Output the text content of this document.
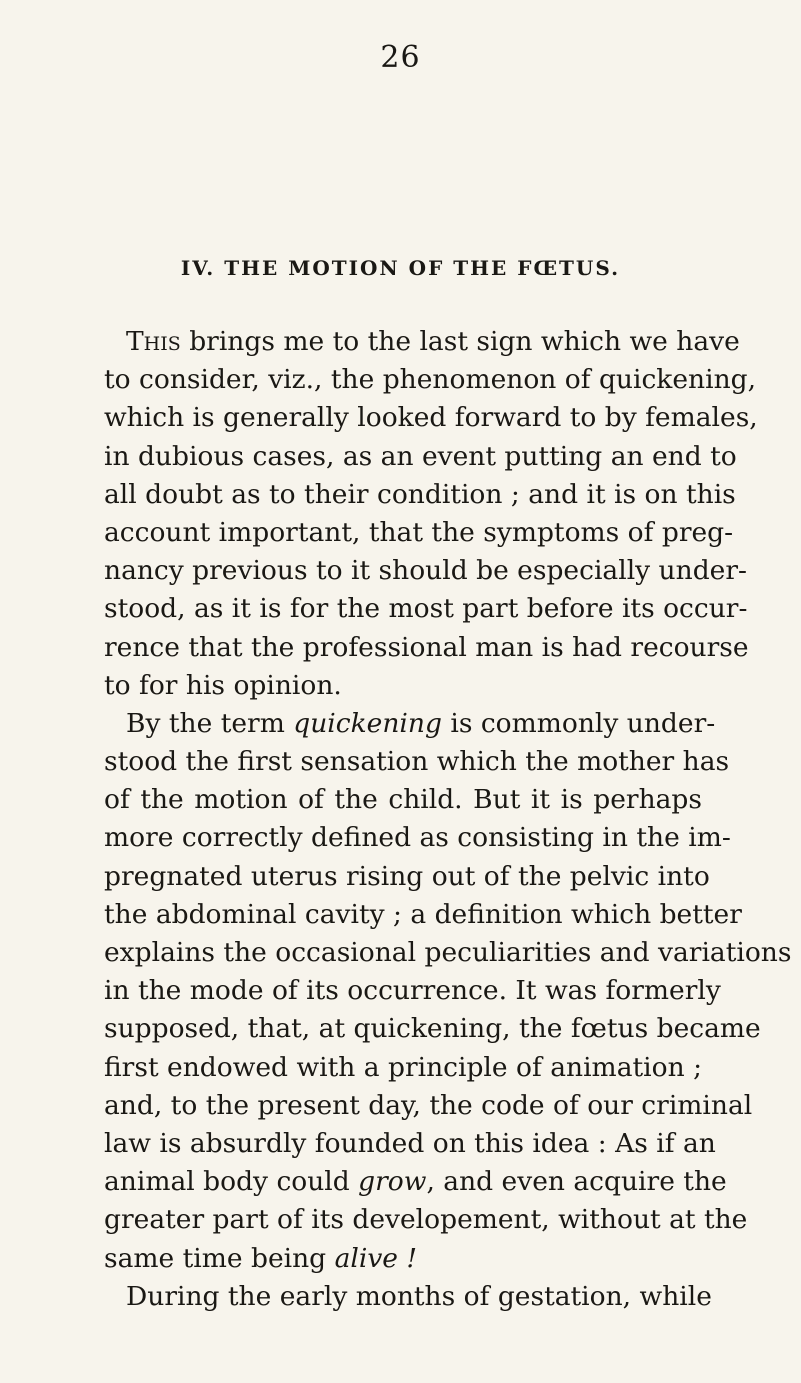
26
IV. THE MOTION OF THE FŒTUS.
This brings me to the last sign which we have
to consider, viz., the phenomenon of quickening,
which is generally looked forward to by females,
in dubious cases, as an event putting an end to
all doubt as to their condition ; and it is on this
account important, that the symptoms of preg-
nancy previous to it should be especially under-
stood, as it is for the most part before its occur-
rence that the professional man is had recourse
to for his opinion.
By the term quickening is commonly under-
stood the first sensation which the mother has
of the motion of the child. But it is perhaps
more correctly defined as consisting in the im-
pregnated uterus rising out of the pelvic into
the abdominal cavity ; a definition which better
explains the occasional peculiarities and variations
in the mode of its occurrence. It was formerly
supposed, that, at quickening, the fœtus became
first endowed with a principle of animation ;
and, to the present day, the code of our criminal
law is absurdly founded on this idea : As if an
animal body could grow, and even acquire the
greater part of its developement, without at the
same time being alive !
During the early months of gestation, while
